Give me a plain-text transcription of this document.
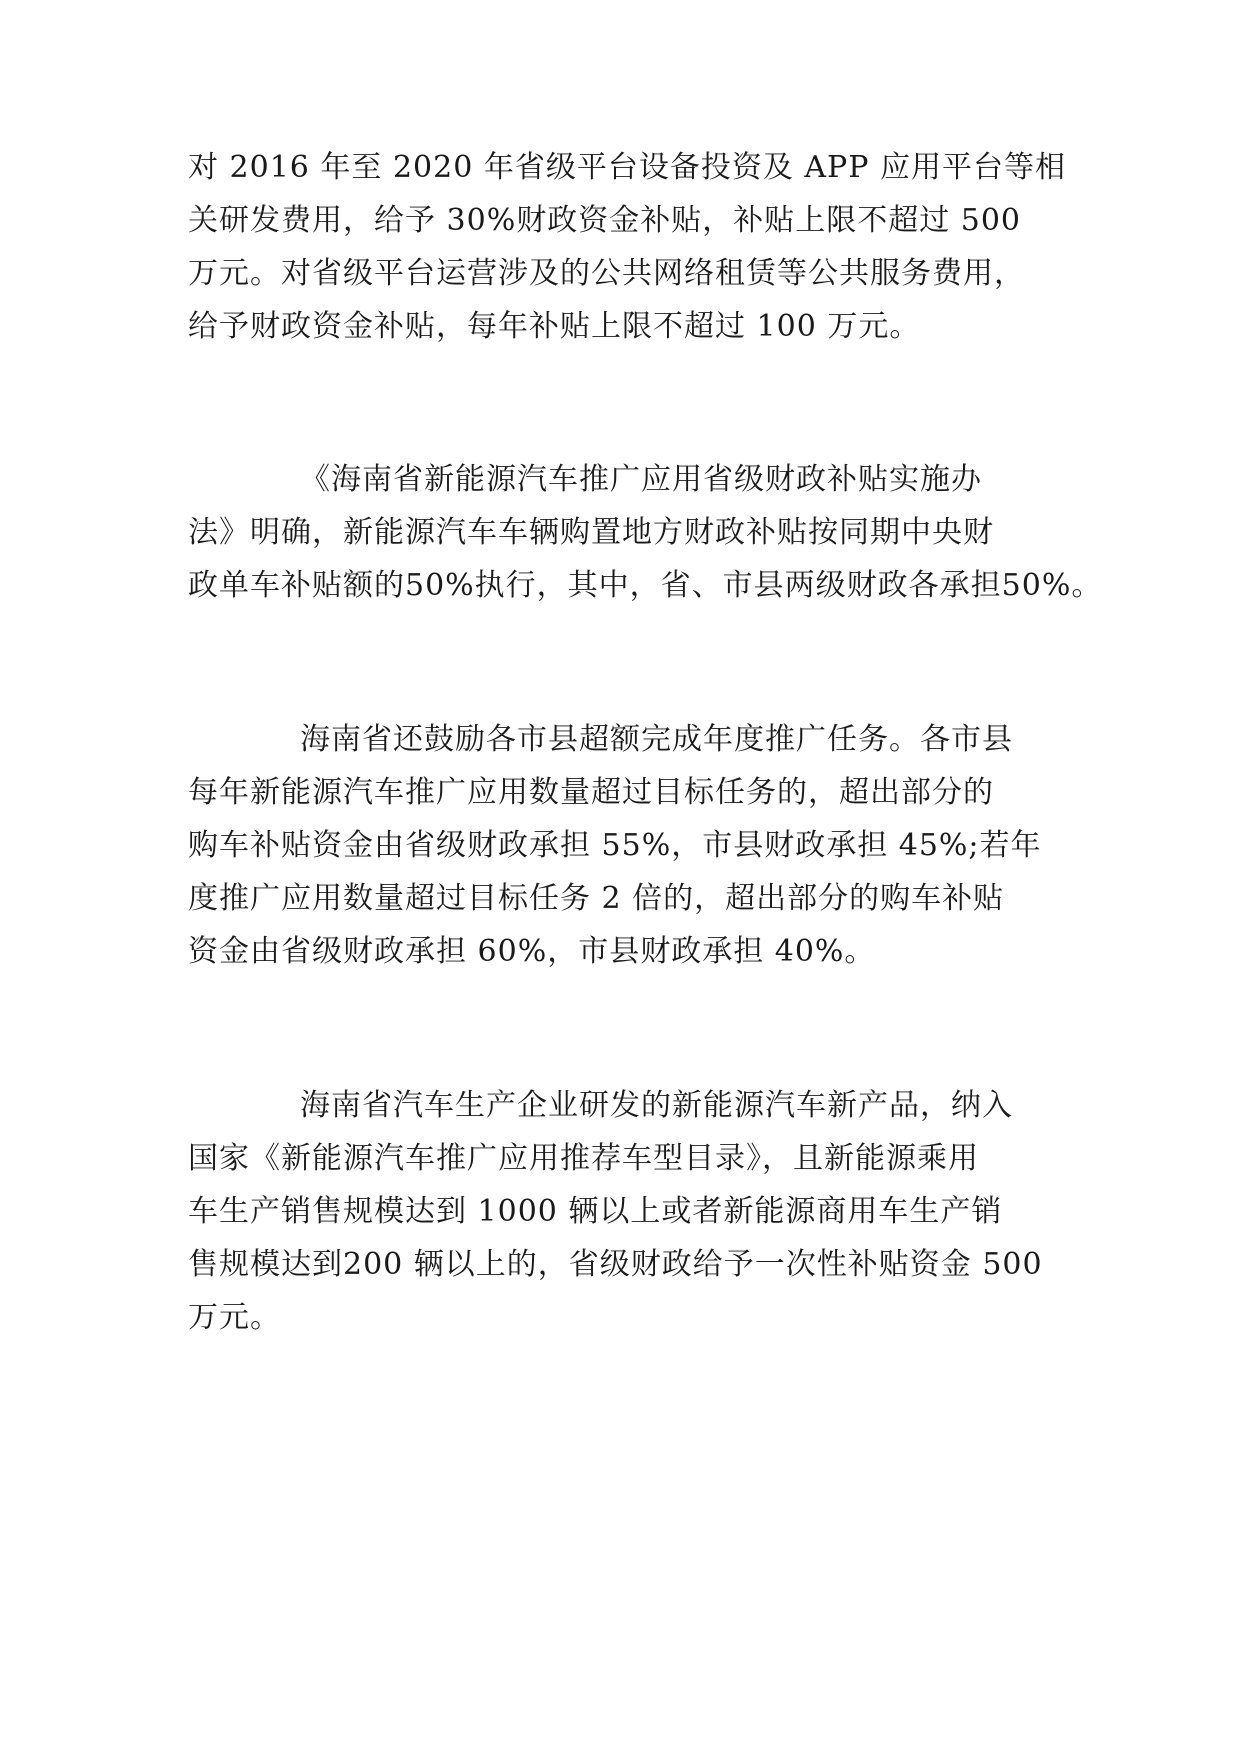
对 2016 年至 2020 年省级平台设备投资及 APP 应用平台等相

关研发费用，给予 30%财政资金补贴，补贴上限不超过 500

万元。对省级平台运营涉及的公共网络租赁等公共服务费用，

给予财政资金补贴，每年补贴上限不超过 100 万元。

《海南省新能源汽车推广应用省级财政补贴实施办

法》明确，新能源汽车车辆购置地方财政补贴按同期中央财

政单车补贴额的50%执行，其中，省、市县两级财政各承担50%。

海南省还鼓励各市县超额完成年度推广任务。各市县

每年新能源汽车推广应用数量超过目标任务的，超出部分的

购车补贴资金由省级财政承担 55%，市县财政承担 45%;若年

度推广应用数量超过目标任务 2 倍的，超出部分的购车补贴

资金由省级财政承担 60%，市县财政承担 40%。

海南省汽车生产企业研发的新能源汽车新产品，纳入

国家《新能源汽车推广应用推荐车型目录》，且新能源乘用

车生产销售规模达到 1000 辆以上或者新能源商用车生产销

售规模达到200 辆以上的，省级财政给予一次性补贴资金 500

万元。
